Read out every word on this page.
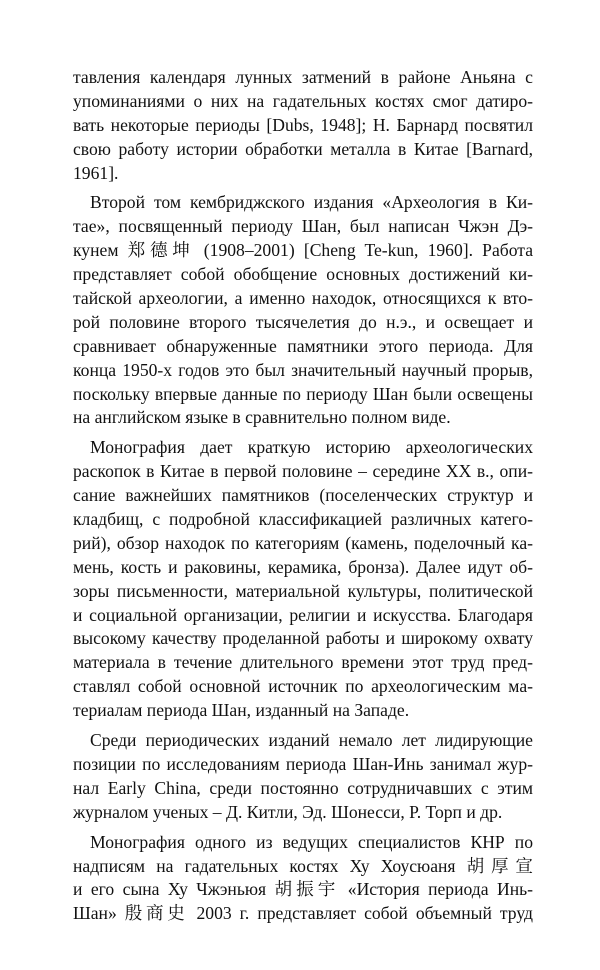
тавления календаря лунных затмений в районе Аньяна с
упоминаниями о них на гадательных костях смог датиро-
вать некоторые периоды [Dubs, 1948]; Н. Барнард посвятил
свою работу истории обработки металла в Китае [Barnard,
1961].
Второй том кембриджского издания «Археология в Ки-
тае», посвященный периоду Шан, был написан Чжэн Дэ-
кунем 郑德坤 (1908–2001) [Cheng Te-kun, 1960]. Работа
представляет собой обобщение основных достижений ки-
тайской археологии, а именно находок, относящихся к вто-
рой половине второго тысячелетия до н.э., и освещает и
сравнивает обнаруженные памятники этого периода. Для
конца 1950-х годов это был значительный научный прорыв,
поскольку впервые данные по периоду Шан были освещены
на английском языке в сравнительно полном виде.
Монография дает краткую историю археологических
раскопок в Китае в первой половине – середине XX в., опи-
сание важнейших памятников (поселенческих структур и
кладбищ, с подробной классификацией различных катего-
рий), обзор находок по категориям (камень, поделочный ка-
мень, кость и раковины, керамика, бронза). Далее идут об-
зоры письменности, материальной культуры, политической
и социальной организации, религии и искусства. Благодаря
высокому качеству проделанной работы и широкому охвату
материала в течение длительного времени этот труд пред-
ставлял собой основной источник по археологическим ма-
териалам периода Шан, изданный на Западе.
Среди периодических изданий немало лет лидирующие
позиции по исследованиям периода Шан-Инь занимал жур-
нал Early China, среди постоянно сотрудничавших с этим
журналом ученых – Д. Китли, Эд. Шонесси, Р. Торп и др.
Монография одного из ведущих специалистов КНР по
надписям на гадательных костях Ху Хоусюаня 胡厚宣
и его сына Ху Чжэньюя 胡振宇 «История периода Инь-
Шан» 殷商史 2003 г. представляет собой объемный труд
